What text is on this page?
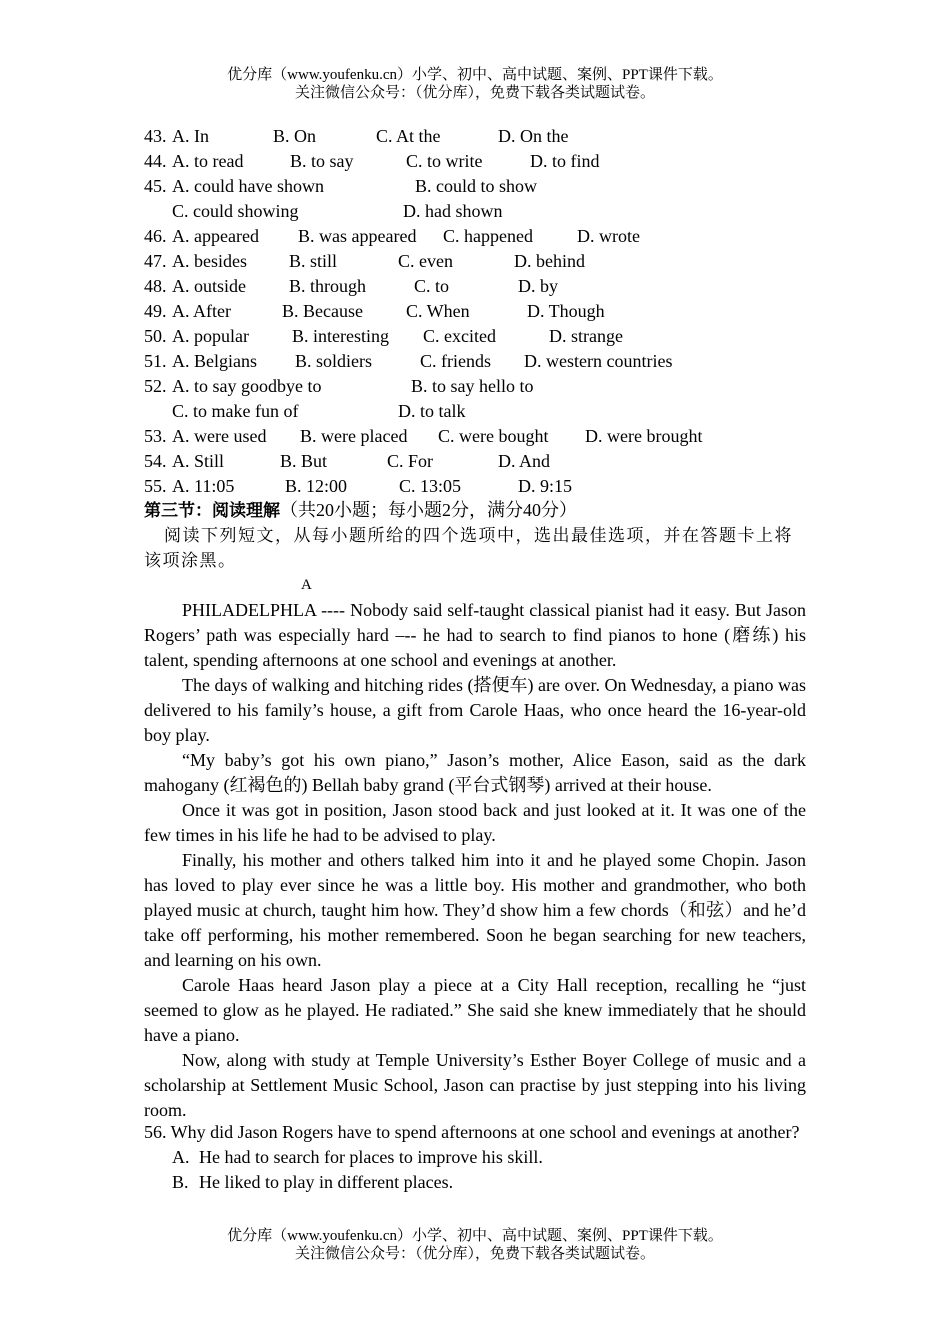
优分库（www.youfenku.cn）小学、初中、高中试题、案例、PPT课件下载。
关注微信公众号：（优分库），免费下载各类试题试卷。
43. A. In	B. On	C. At the	D. On the
44. A. to read	B. to say	C. to write	D. to find
45. A. could have shown	B. could to show
C. could showing	D. had shown
46. A. appeared B. was appeared C. happened D. wrote
47. A. besides B. still	C. even	D. behind
48. A. outside B. through	C. to	D. by
49. A. After	B. Because C. When	D. Though
50. A. popular B. interesting C. excited	D. strange
51. A. Belgians B. soldiers	C. friends D. western countries
52. A. to say goodbye to	B. to say hello to
C. to make fun of	D. to talk
53. A. were used B. were placed C. were bought D. were brought
54. A. Still	B. But	C. For	D. And
55. A. 11:05	B. 12:00	C. 13:05	D. 9:15
第三节：阅读理解（共20小题；每小题2分，满分40分）
阅读下列短文，从每小题所给的四个选项中，选出最佳选项，并在答题卡上将该项涂黑。
A

PHILADELPHLA ---- Nobody said self-taught classical pianist had it easy. But Jason Rogers’ path was especially hard –-- he had to search to find pianos to hone (磨练) his talent, spending afternoons at one school and evenings at another.

The days of walking and hitching rides (搭便车) are over. On Wednesday, a piano was delivered to his family’s house, a gift from Carole Haas, who once heard the 16-year-old boy play.

“My baby’s got his own piano,” Jason’s mother, Alice Eason, said as the dark mahogany (红褐色的) Bellah baby grand (平台式钢琴) arrived at their house.

Once it was got in position, Jason stood back and just looked at it. It was one of the few times in his life he had to be advised to play.

Finally, his mother and others talked him into it and he played some Chopin. Jason has loved to play ever since he was a little boy. His mother and grandmother, who both played music at church, taught him how. They’d show him a few chords（和弦）and he’d take off performing, his mother remembered. Soon he began searching for new teachers, and learning on his own.

Carole Haas heard Jason play a piece at a City Hall reception, recalling he “just seemed to glow as he played. He radiated.” She said she knew immediately that he should have a piano.

Now, along with study at Temple University’s Esther Boyer College of music and a scholarship at Settlement Music School, Jason can practise by just stepping into his living room.

56. Why did Jason Rogers have to spend afternoons at one school and evenings at another?
A. He had to search for places to improve his skill.
B. He liked to play in different places.
优分库（www.youfenku.cn）小学、初中、高中试题、案例、PPT课件下载。
关注微信公众号：（优分库），免费下载各类试题试卷。
